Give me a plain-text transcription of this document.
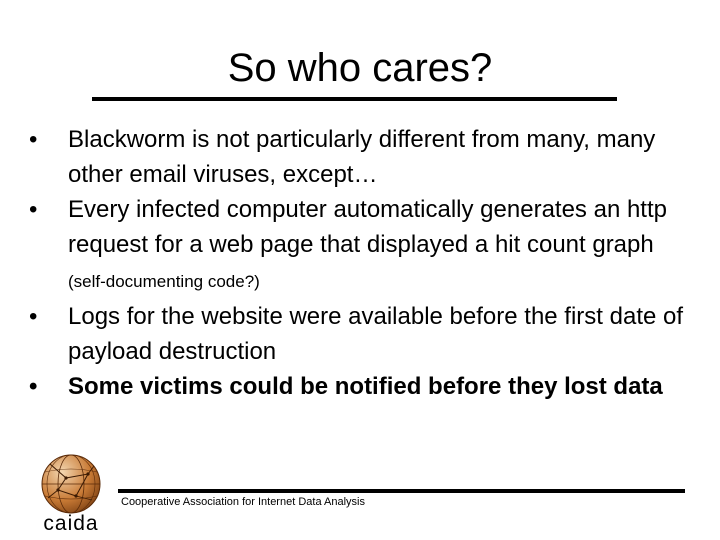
So who cares?
• Blackworm is not particularly different from many, many other email viruses, except…
• Every infected computer automatically generates an http request for a web page that displayed a hit count graph (self-documenting code?)
• Logs for the website were available before the first date of payload destruction
• Some victims could be notified before they lost data
caida
Cooperative Association for Internet Data Analysis
